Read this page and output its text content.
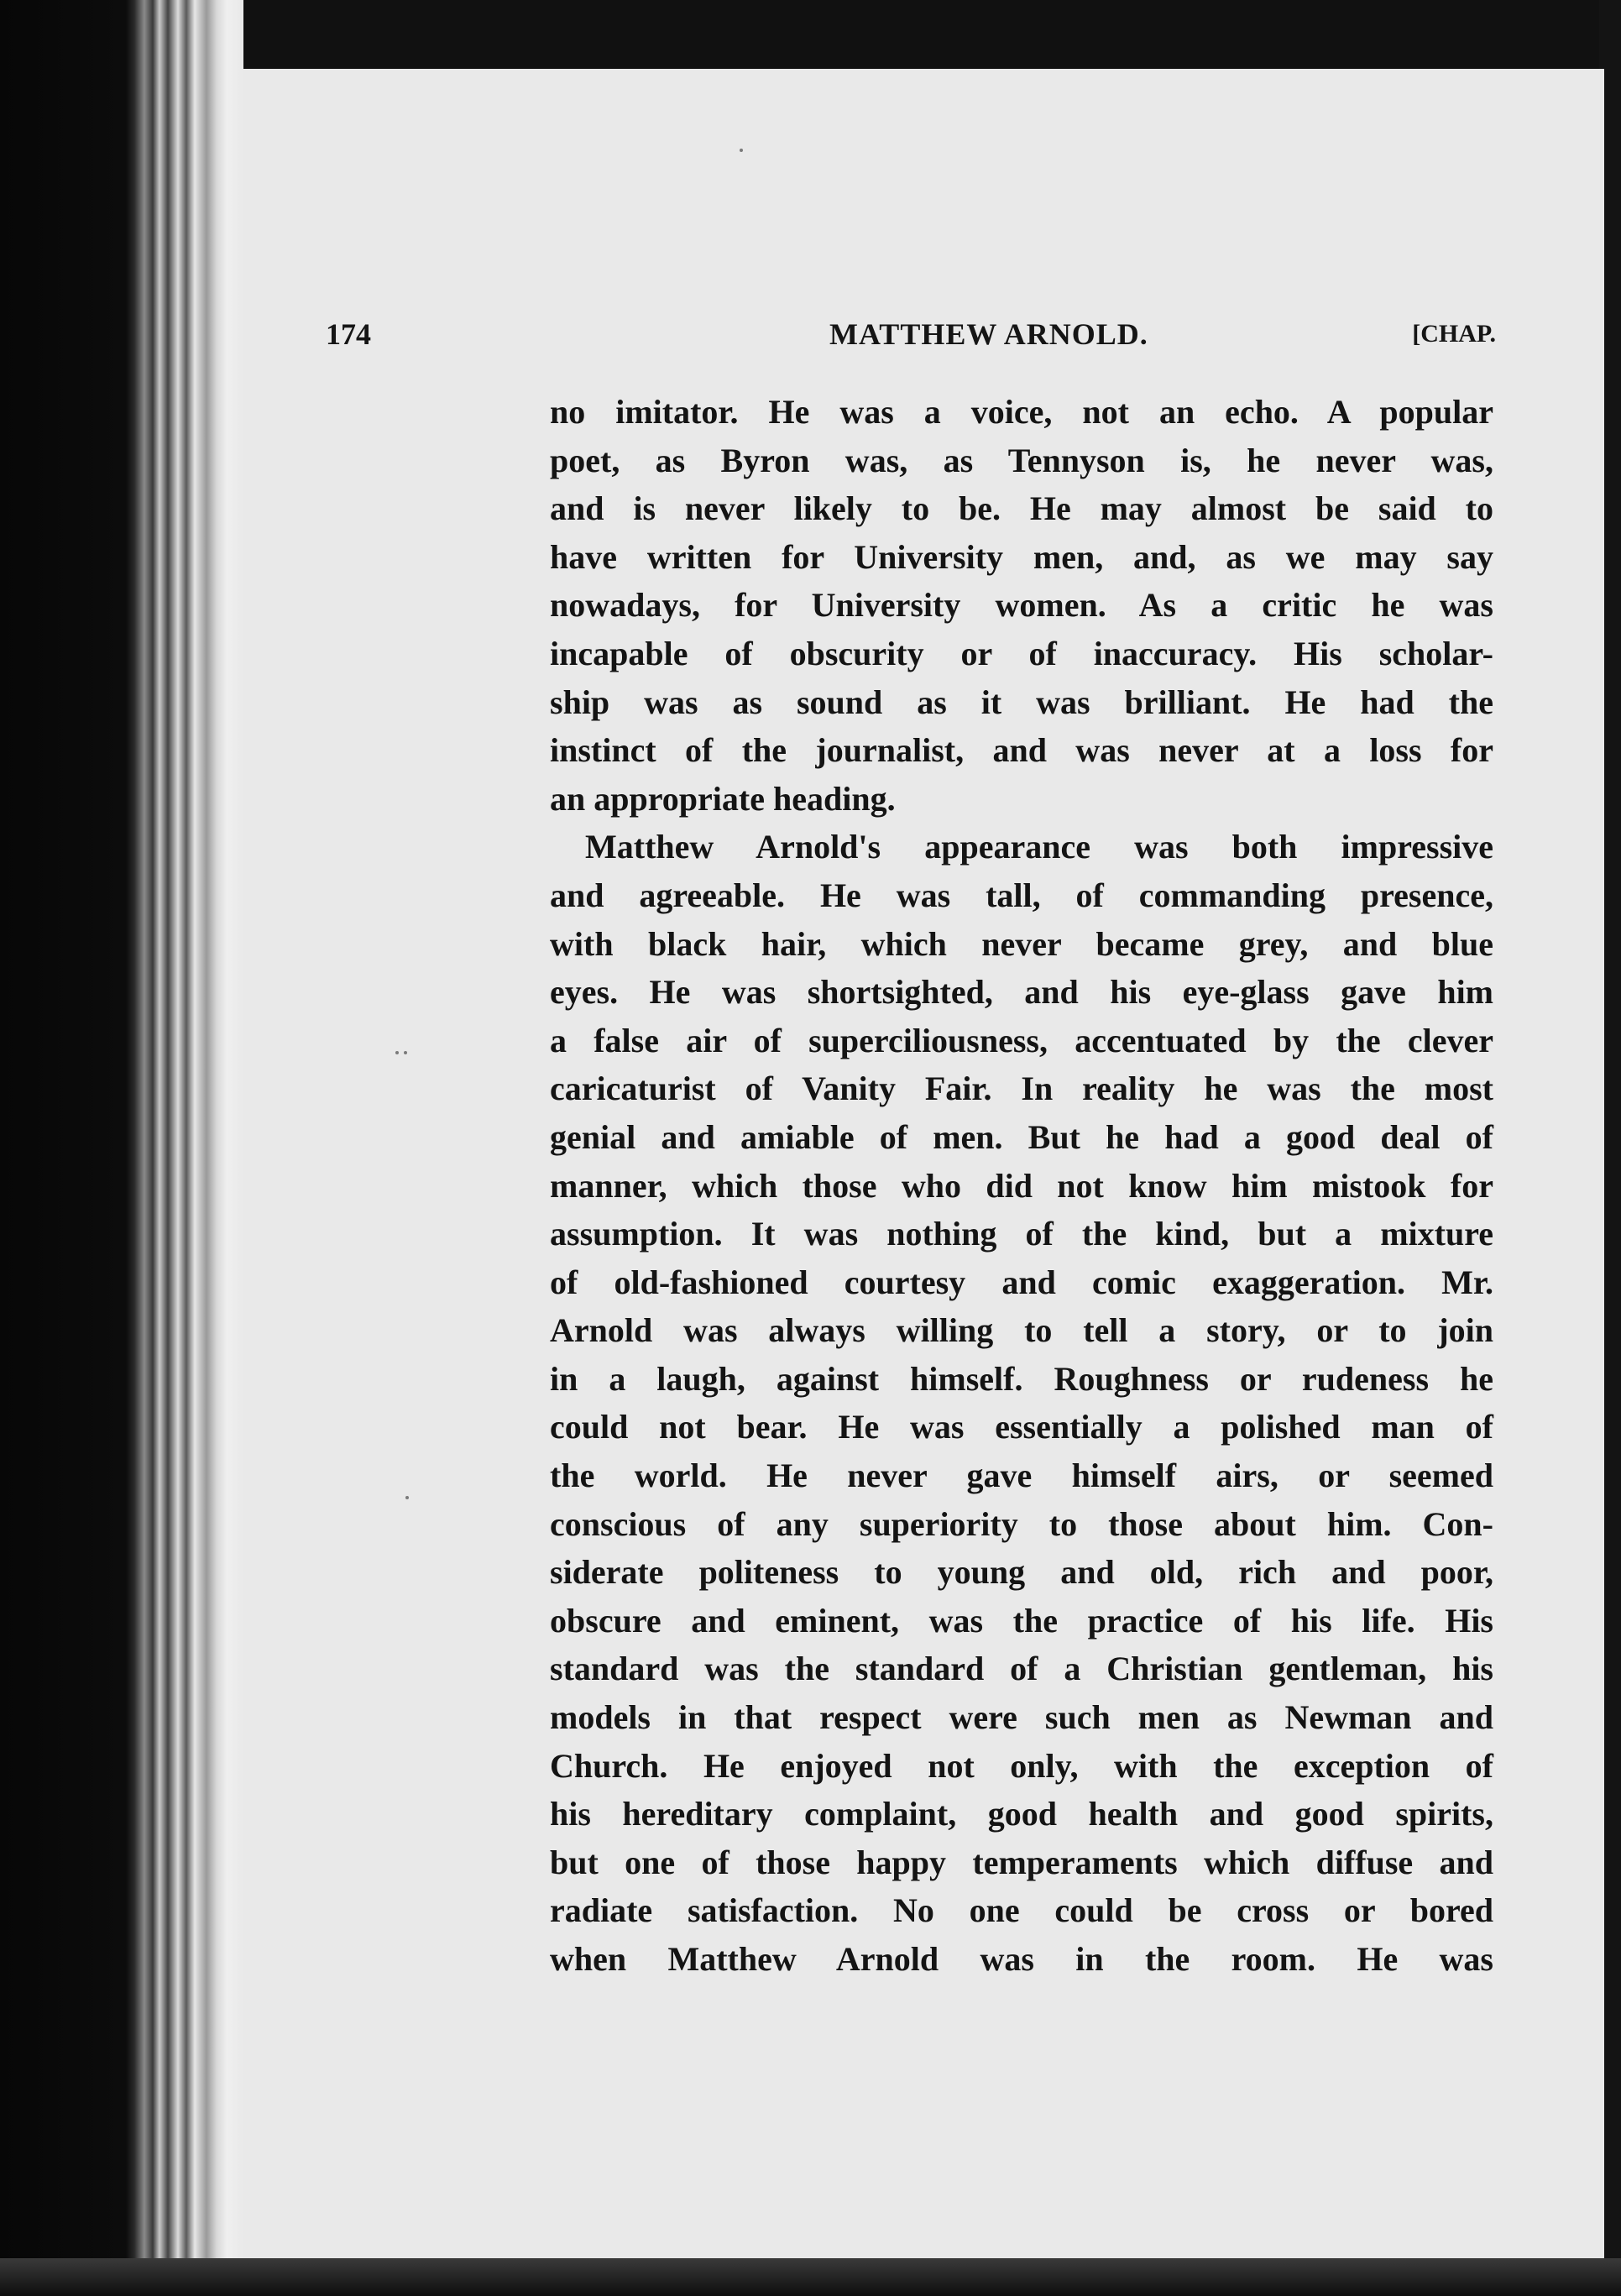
174	MATTHEW ARNOLD.	[CHAP.

no imitator. He was a voice, not an echo. A popular
poet, as Byron was, as Tennyson is, he never was,
and is never likely to be. He may almost be said to
have written for University men, and, as we may say
nowadays, for University women. As a critic he was
incapable of obscurity or of inaccuracy. His scholar-
ship was as sound as it was brilliant. He had the
instinct of the journalist, and was never at a loss for
an appropriate heading.

Matthew Arnold's appearance was both impressive
and agreeable. He was tall, of commanding presence,
with black hair, which never became grey, and blue
eyes. He was shortsighted, and his eye-glass gave him
a false air of superciliousness, accentuated by the clever
caricaturist of Vanity Fair. In reality he was the most
genial and amiable of men. But he had a good deal of
manner, which those who did not know him mistook for
assumption. It was nothing of the kind, but a mixture
of old-fashioned courtesy and comic exaggeration. Mr.
Arnold was always willing to tell a story, or to join
in a laugh, against himself. Roughness or rudeness he
could not bear. He was essentially a polished man of
the world. He never gave himself airs, or seemed
conscious of any superiority to those about him. Con-
siderate politeness to young and old, rich and poor,
obscure and eminent, was the practice of his life. His
standard was the standard of a Christian gentleman, his
models in that respect were such men as Newman and
Church. He enjoyed not only, with the exception of
his hereditary complaint, good health and good spirits,
but one of those happy temperaments which diffuse and
radiate satisfaction. No one could be cross or bored
when Matthew Arnold was in the room. He was
